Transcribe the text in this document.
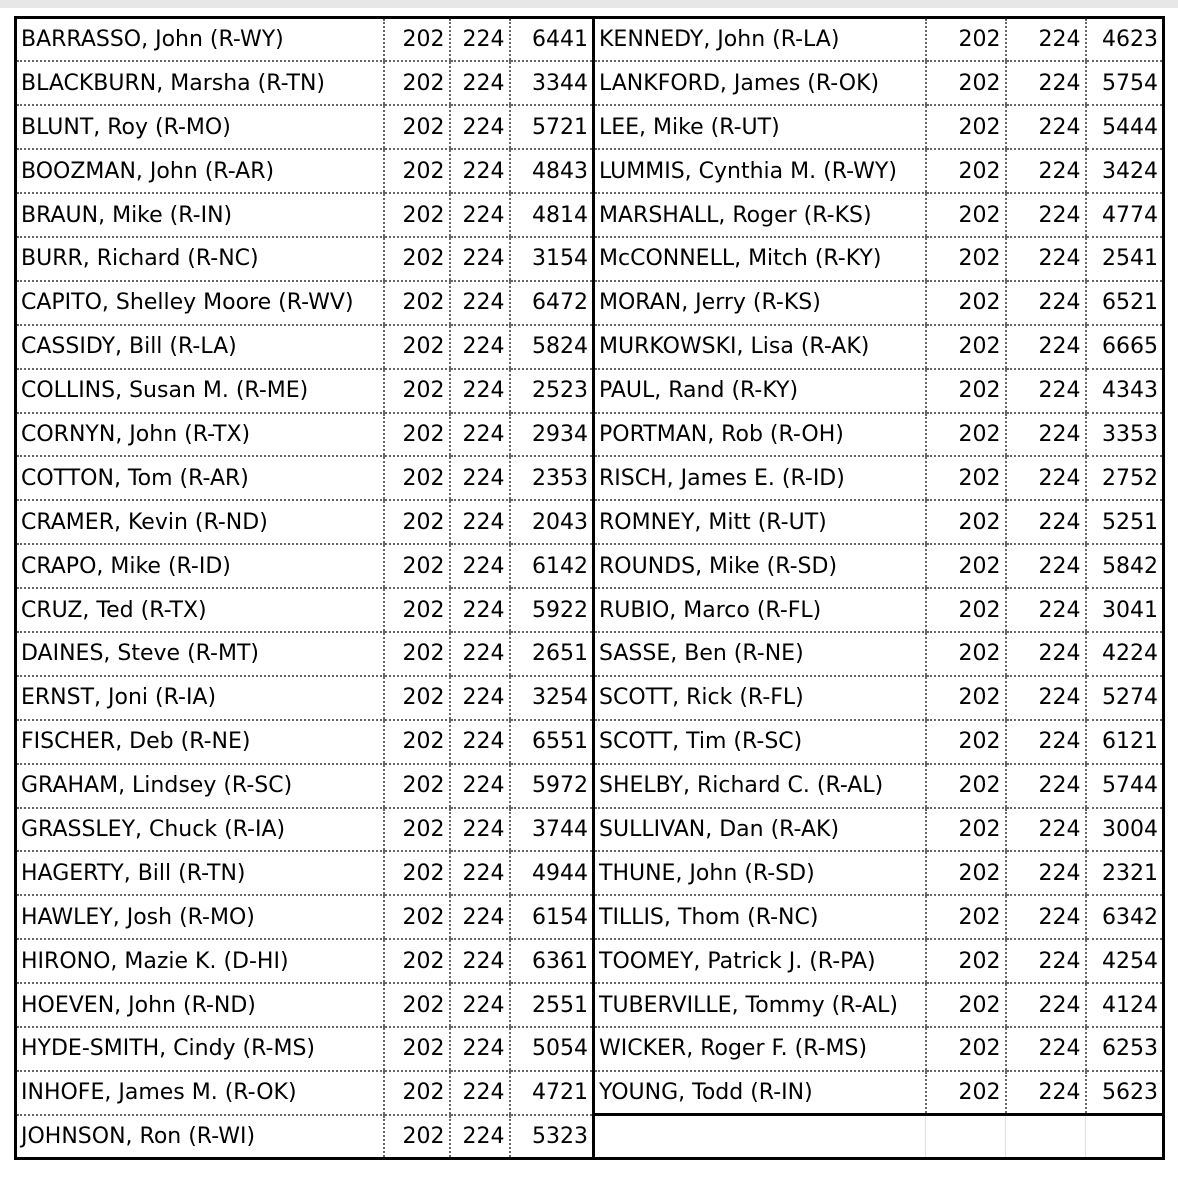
BARRASSO, John (R-WY)	202	224	6441	KENNEDY, John (R-LA)	202	224	4623
BLACKBURN, Marsha (R-TN)	202	224	3344	LANKFORD, James (R-OK)	202	224	5754
BLUNT, Roy (R-MO)	202	224	5721	LEE, Mike (R-UT)	202	224	5444
BOOZMAN, John (R-AR)	202	224	4843	LUMMIS, Cynthia M. (R-WY)	202	224	3424
BRAUN, Mike (R-IN)	202	224	4814	MARSHALL, Roger (R-KS)	202	224	4774
BURR, Richard (R-NC)	202	224	3154	McCONNELL, Mitch (R-KY)	202	224	2541
CAPITO, Shelley Moore (R-WV)	202	224	6472	MORAN, Jerry (R-KS)	202	224	6521
CASSIDY, Bill (R-LA)	202	224	5824	MURKOWSKI, Lisa (R-AK)	202	224	6665
COLLINS, Susan M. (R-ME)	202	224	2523	PAUL, Rand (R-KY)	202	224	4343
CORNYN, John (R-TX)	202	224	2934	PORTMAN, Rob (R-OH)	202	224	3353
COTTON, Tom (R-AR)	202	224	2353	RISCH, James E. (R-ID)	202	224	2752
CRAMER, Kevin (R-ND)	202	224	2043	ROMNEY, Mitt (R-UT)	202	224	5251
CRAPO, Mike (R-ID)	202	224	6142	ROUNDS, Mike (R-SD)	202	224	5842
CRUZ, Ted (R-TX)	202	224	5922	RUBIO, Marco (R-FL)	202	224	3041
DAINES, Steve (R-MT)	202	224	2651	SASSE, Ben (R-NE)	202	224	4224
ERNST, Joni (R-IA)	202	224	3254	SCOTT, Rick (R-FL)	202	224	5274
FISCHER, Deb (R-NE)	202	224	6551	SCOTT, Tim (R-SC)	202	224	6121
GRAHAM, Lindsey (R-SC)	202	224	5972	SHELBY, Richard C. (R-AL)	202	224	5744
GRASSLEY, Chuck (R-IA)	202	224	3744	SULLIVAN, Dan (R-AK)	202	224	3004
HAGERTY, Bill (R-TN)	202	224	4944	THUNE, John (R-SD)	202	224	2321
HAWLEY, Josh (R-MO)	202	224	6154	TILLIS, Thom (R-NC)	202	224	6342
HIRONO, Mazie K. (D-HI)	202	224	6361	TOOMEY, Patrick J. (R-PA)	202	224	4254
HOEVEN, John (R-ND)	202	224	2551	TUBERVILLE, Tommy (R-AL)	202	224	4124
HYDE-SMITH, Cindy (R-MS)	202	224	5054	WICKER, Roger F. (R-MS)	202	224	6253
INHOFE, James M. (R-OK)	202	224	4721	YOUNG, Todd (R-IN)	202	224	5623
JOHNSON, Ron (R-WI)	202	224	5323				
